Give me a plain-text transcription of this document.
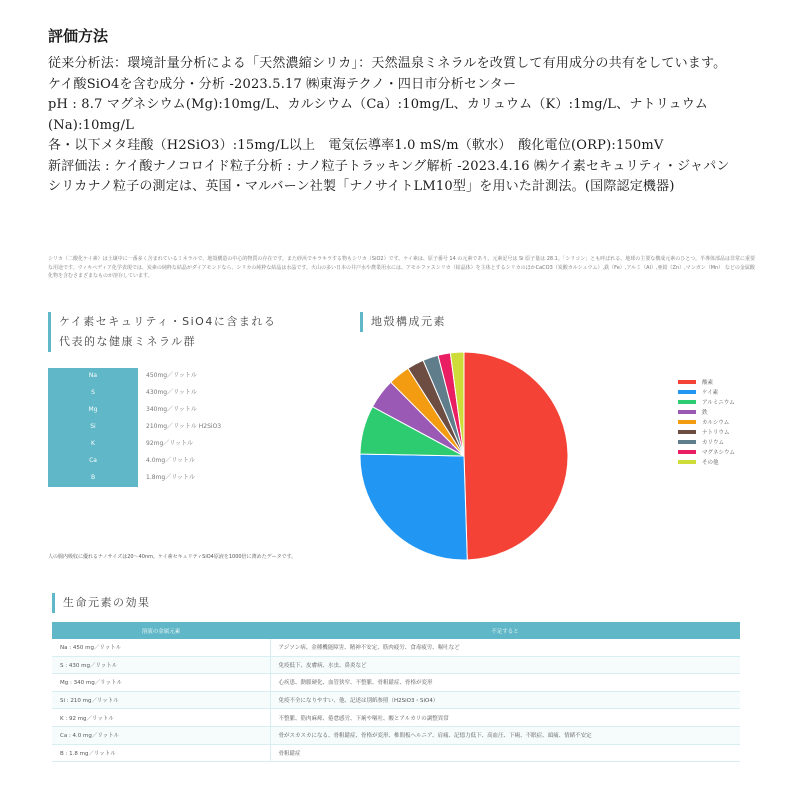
評価方法
従来分析法：環境計量分析による「天然濃縮シリカ」：天然温泉ミネラルを改質して有用成分の共有をしています。
ケイ酸SiO4を含む成分・分析 -2023.5.17 ㈱東海テクノ・四日市分析センター
pH : 8.7 マグネシウム(Mg):10mg/L、カルシウム（Ca）:10mg/L、カリュウム（K）:1mg/L、ナトリュウム(Na):10mg/L
各・以下メタ珪酸（H2SiO3）:15mg/L以上　電気伝導率1.0 mS/m（軟水）　酸化電位(ORP):150mV
新評価法 : ケイ酸ナノコロイド粒子分析 : ナノ粒子トラッキング解析 -2023.4.16 ㈱ケイ素セキュリティ・ジャパン
シリカナノ粒子の測定は、英国・マルバーン社製「ナノサイトLM10型」を用いた計測法。(国際認定機器)
シリカ（二酸化ケイ素）は土壌中に一番多く含まれているミネラルで、地殻構造の中心的物質の存在です。また砂浜でキラキラする物もシリカ（SiO2）です。ケイ素は、原子番号 14 の元素であり、元素記号は Si 原子量は 28.1。「シリコン」とも呼ばれる。地球の主要な構成元素のひとつ。半導体部品は非常に重要な用途です。ウィキペディア化学表現では、炭素の純粋な結晶がダイアモンドなら、シリカの純粋な結晶は水晶です。火山の多い日本の井戸水や農業用水には、アモルファスシリカ（結晶体）を主体とするシリカのほかCaCO3（炭酸カルシュウム）,鉄（Fe）,アルミ（Al）,亜鉛（Zn）,マンガン（Mn） などの金属酸化物を含むさまざまなものが溶存しています。
ケイ素セキュリティ・SiO4に含まれる
代表的な健康ミネラル群
Na	450mg／リットル
S	430mg／リットル
Mg	340mg／リットル
Si	210mg／リットル H2SiO3
K	92mg／リットル
Ca	4.0mg／リットル
B	1.8mg／リットル
地殻構成元素
酸素
ケイ素
アルミニウム
鉄
カルシウム
ナトリウム
カリウム
マグネシウム
その他
人の腸内吸収に優れるナノサイズは20～40nm。ケイ素セキュリティSiO4原液を1000倍に薄めたデータです。
生命元素の効果
溶液の金属元素	不足すると
Na : 450 mg／リットル	アジソン病、金種機能障害、精神不安定、筋肉疲労、食毒疲労、嘔吐など
S : 430 mg／リットル	免疫低下、皮膚病、水虫、鼻炎など
Mg : 340 mg／リットル	心疾患、動脈硬化、血管狭窄、不整脈、骨粗鬆症、骨格が変形
Si : 210 mg／リットル	免疫不全になりやすい、他、記述は別紙参照（H2SiO3・SiO4）
K : 92 mg／リットル	不整脈、筋肉麻痺、倦怠感労、下痢や嘔吐、酸とアルカリの調整異常
Ca : 4.0 mg／リットル	骨がスカスカになる、骨粗鬆症、骨格が変形、椎間板ヘルニア、肩痛、記憶力低下、高血圧、下痢、不眠症、頭痛、情緒不安定
B : 1.8 mg／リットル	骨粗鬆症
